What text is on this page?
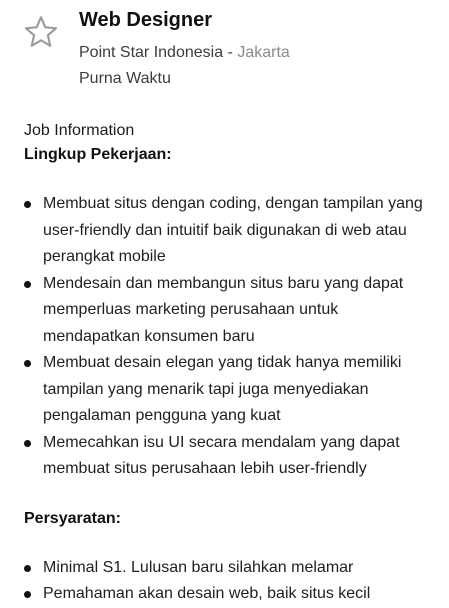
Web Designer
Point Star Indonesia - Jakarta
Purna Waktu
Job Information
Lingkup Pekerjaan:
Membuat situs dengan coding, dengan tampilan yang user-friendly dan intuitif baik digunakan di web atau perangkat mobile
Mendesain dan membangun situs baru yang dapat memperluas marketing perusahaan untuk mendapatkan konsumen baru
Membuat desain elegan yang tidak hanya memiliki tampilan yang menarik tapi juga menyediakan pengalaman pengguna yang kuat
Memecahkan isu UI secara mendalam yang dapat membuat situs perusahaan lebih user-friendly
Persyaratan:
Minimal S1. Lulusan baru silahkan melamar
Pemahaman akan desain web, baik situs kecil
